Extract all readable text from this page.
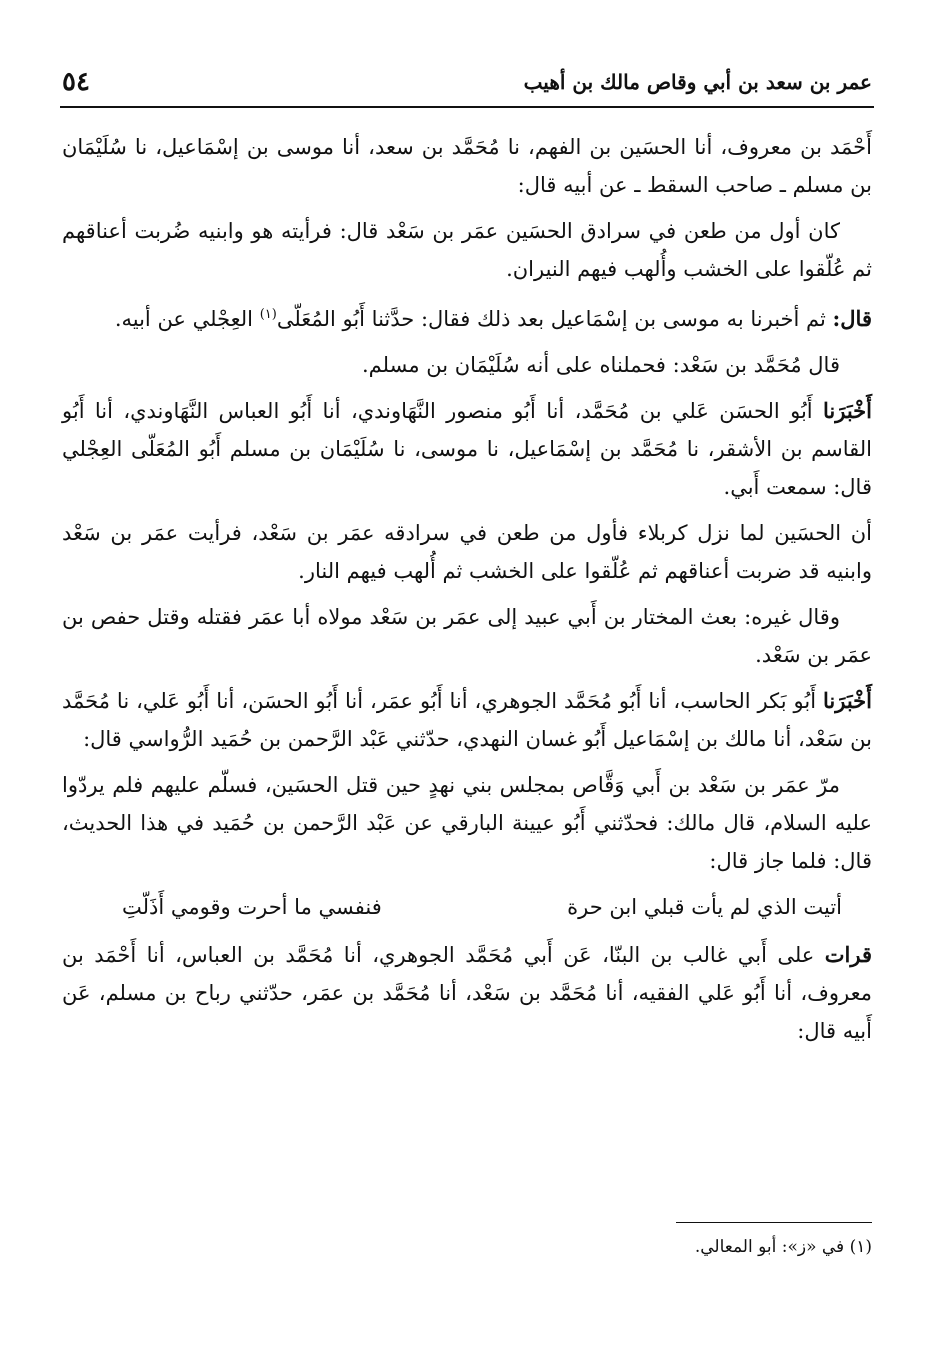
عمر بن سعد بن أبي وقاص مالك بن أهيب
٥٤

أَحْمَد بن معروف، أنا الحسَين بن الفهم، نا مُحَمَّد بن سعد، أنا موسى بن إسْمَاعيل، نا سُلَيْمَان بن مسلم ـ صاحب السقط ـ عن أبيه قال:

كان أول من طعن في سرادق الحسَين عمَر بن سَعْد قال: فرأيته هو وابنيه ضُربت أعناقهم ثم عُلّقوا على الخشب وأُلهب فيهم النيران.

قال: ثم أخبرنا به موسى بن إسْمَاعيل بعد ذلك فقال: حدَّثنا أَبُو المُعَلّى$^{(١)}$ العِجْلي عن أبيه.

قال مُحَمَّد بن سَعْد: فحملناه على أنه سُلَيْمَان بن مسلم.

أَخْبَرَنا أَبُو الحسَن عَلي بن مُحَمَّد، أنا أَبُو منصور النَّهَاوندي، أنا أَبُو العباس النَّهَاوندي، أنا أَبُو القاسم بن الأشقر، نا مُحَمَّد بن إسْمَاعيل، نا موسى، نا سُلَيْمَان بن مسلم أَبُو المُعَلّى العِجْلي قال: سمعت أَبي.

أن الحسَين لما نزل كربلاء فأول من طعن في سرادقه عمَر بن سَعْد، فرأيت عمَر بن سَعْد وابنيه قد ضربت أعناقهم ثم عُلّقوا على الخشب ثم أُلهب فيهم النار.

وقال غيره: بعث المختار بن أَبي عبيد إلى عمَر بن سَعْد مولاه أبا عمَر فقتله وقتل حفص بن عمَر بن سَعْد.

أَخْبَرَنا أَبُو بَكر الحاسب، أنا أَبُو مُحَمَّد الجوهري، أنا أَبُو عمَر، أنا أَبُو الحسَن، أنا أَبُو عَلي، نا مُحَمَّد بن سَعْد، أنا مالك بن إسْمَاعيل أَبُو غسان النهدي، حدّثني عَبْد الرَّحمن بن حُمَيد الرُّواسي قال:

مرّ عمَر بن سَعْد بن أَبي وَقَّاص بمجلس بني نهدٍ حين قتل الحسَين، فسلّم عليهم فلم يردّوا عليه السلام، قال مالك: فحدّثني أَبُو عيينة البارقي عن عَبْد الرَّحمن بن حُمَيد في هذا الحديث، قال: فلما جاز قال:

أتيت الذي لم يأت قبلي ابن حرة
فنفسي ما أحرت وقومي أَذَلّتِ

قرات على أَبي غالب بن البنّا، عَن أَبي مُحَمَّد الجوهري، أنا مُحَمَّد بن العباس، أنا أَحْمَد بن معروف، أنا أَبُو عَلي الفقيه، أنا مُحَمَّد بن سَعْد، أنا مُحَمَّد بن عمَر، حدّثني رباح بن مسلم، عَن أَبيه قال:

(١) في «ز»: أبو المعالي.
